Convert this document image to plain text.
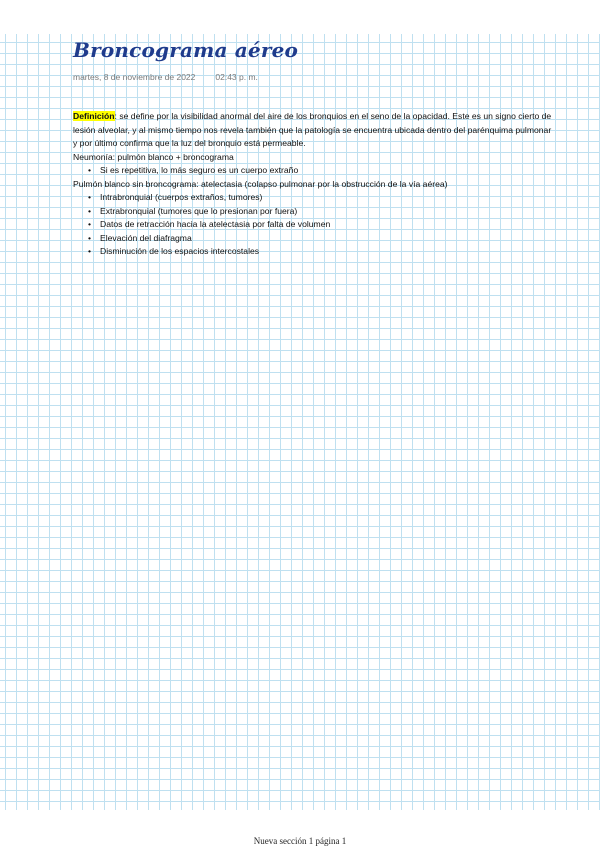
Broncograma aéreo
martes, 8 de noviembre de 2022 02:43 p. m.

Definición: se define por la visibilidad anormal del aire de los bronquios en el seno de la opacidad. Este es un signo cierto de lesión alveolar, y al mismo tiempo nos revela también que la patología se encuentra ubicada dentro del parénquima pulmonar y por último confirma que la luz del bronquio está permeable.

Neumonía: pulmón blanco + broncograma

• Si es repetitiva, lo más seguro es un cuerpo extraño

Pulmón blanco sin broncograma: atelectasia (colapso pulmonar por la obstrucción de la vía aérea)

• Intrabronquial (cuerpos extraños, tumores)
• Extrabronquial (tumores que lo presionan por fuera)
• Datos de retracción hacia la atelectasia por falta de volumen
• Elevación del diafragma
• Disminución de los espacios intercostales
Nueva sección 1 página 1
